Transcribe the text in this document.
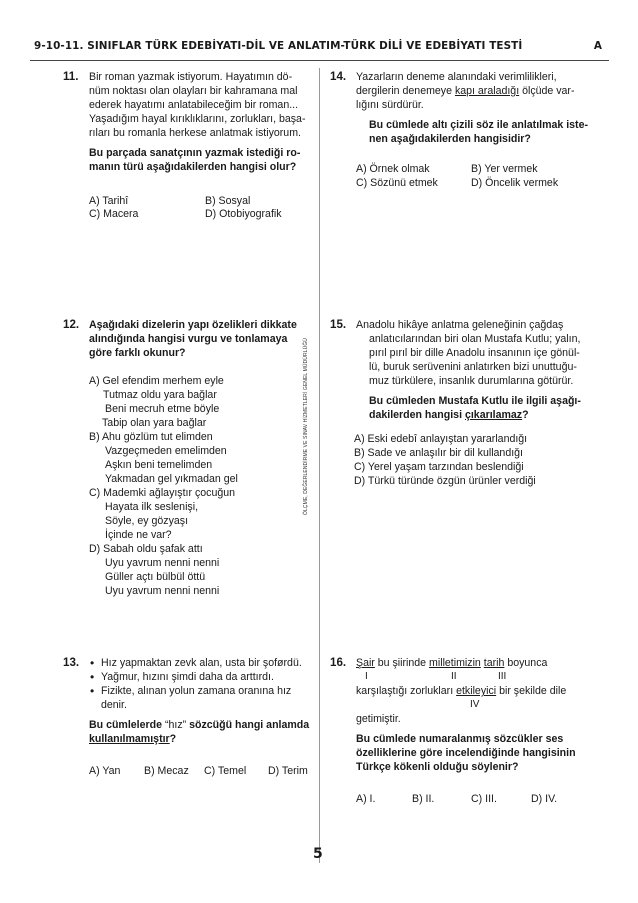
9-10-11. SINIFLAR TÜRK EDEBİYATI-DİL VE ANLATIM-TÜRK DİLİ VE EDEBİYATI TESTİ	A
ÖLÇME, DEĞERLENDİRME VE SINAV HİZMETLERİ GENEL MÜDÜRLÜĞÜ
11. Bir roman yazmak istiyorum. Hayatımın dö-
nüm noktası olan olayları bir kahramana mal
ederek hayatımı anlatabileceğim bir roman...
Yaşadığım hayal kırıklıklarını, zorlukları, başa-
rıları bu romanla herkese anlatmak istiyorum.
Bu parçada sanatçının yazmak istediği ro-
manın türü aşağıdakilerden hangisi olur?
A) Tarihî	B) Sosyal
C) Macera	D) Otobiyografik
12. Aşağıdaki dizelerin yapı özelikleri dikkate
alındığında hangisi vurgu ve tonlamaya
göre farklı okunur?
A) Gel efendim merhem eyle
Tutmaz oldu yara bağlar
Beni mecruh etme böyle
Tabip olan yara bağlar
B) Ahu gözlüm tut elimden
Vazgeçmeden emelimden
Aşkın beni temelimden
Yakmadan gel yıkmadan gel
C) Mademki ağlayıştır çocuğun
Hayata ilk seslenişi,
Söyle, ey gözyaşı
İçinde ne var?
D) Sabah oldu şafak attı
Uyu yavrum nenni nenni
Güller açtı bülbül öttü
Uyu yavrum nenni nenni
13. • Hız yapmaktan zevk alan, usta bir şoførdü.
• Yağmur, hızını şimdi daha da arttırdı.
• Fizikte, alınan yolun zamana oranına hız
denir.
Bu cümlelerde “hız” sözcüğü hangi anlamda
kullanılmamıştır?
A) Yan B) Mecaz C) Temel D) Terim
14. Yazarların deneme alanındaki verimlilikleri,
dergilerin denemeye kapı araladığı ölçüde var-
lığını sürdürür.
Bu cümlede altı çizili söz ile anlatılmak iste-
nen aşağıdakilerden hangisidir?
A) Örnek olmak	B) Yer vermek
C) Sözünü etmek	D) Öncelik vermek
15. Anadolu hikâye anlatma geleneğinin çağdaş
anlatıcılarından biri olan Mustafa Kutlu; yalın,
pırıl pırıl bir dille Anadolu insanının içe gönül-
lü, buruk serüvenini anlatırken bizi unuttuğu-
muz türkülere, insanlık durumlarına götürür.
Bu cümleden Mustafa Kutlu ile ilgili aşağı-
dakilerden hangisi çıkarılamaz?
A) Eski edebî anlayıştan yararlandığı
B) Sade ve anlaşılır bir dil kullandığı
C) Yerel yaşam tarzından beslendiği
D) Türkü türünde özgün ürünler verdiği
16. Şair bu şiirinde milletimizin tarih boyunca
karşılaştığı zorlukları etkileyici bir şekilde dile
getimiştir.
Bu cümlede numaralanmış sözcükler ses
özelliklerine göre incelendiğinde hangisinin
Türkçe kökenli olduğu söylenir?
I	II	III
IV
A) I.	B) II.	C) III.	D) IV.
5
